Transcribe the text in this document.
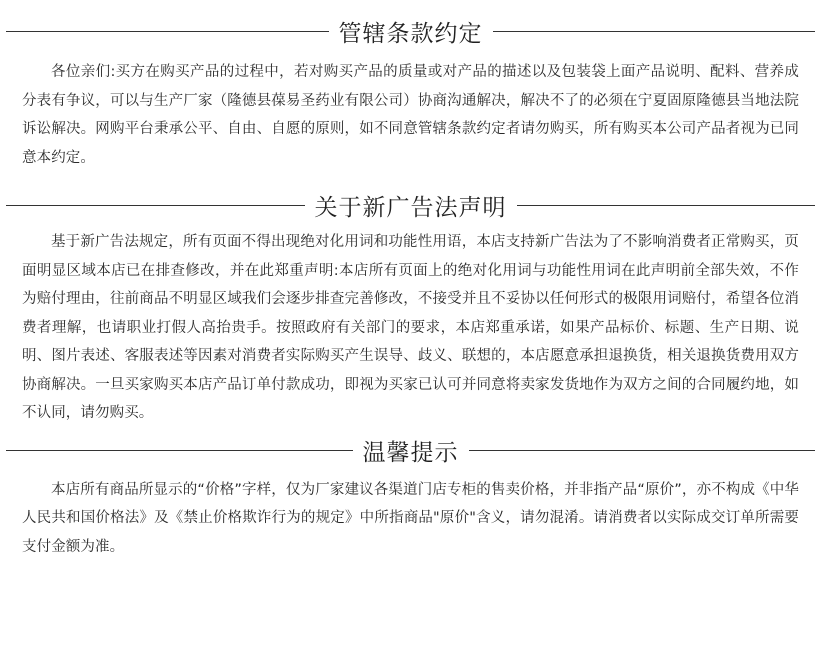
管辖条款约定

各位亲们:买方在购买产品的过程中，若对购买产品的质量或对产品的描述以及包装袋上面产品说明、配料、营养成分表有争议，可以与生产厂家（隆德县葆易圣药业有限公司）协商沟通解决，解决不了的必须在宁夏固原隆德县当地法院诉讼解决。网购平台秉承公平、自由、自愿的原则，如不同意管辖条款约定者请勿购买，所有购买本公司产品者视为已同意本约定。

关于新广告法声明

基于新广告法规定，所有页面不得出现绝对化用词和功能性用语，本店支持新广告法为了不影响消费者正常购买，页面明显区域本店已在排查修改，并在此郑重声明:本店所有页面上的绝对化用词与功能性用词在此声明前全部失效，不作为赔付理由，往前商品不明显区域我们会逐步排查完善修改，不接受并且不妥协以任何形式的极限用词赔付，希望各位消费者理解，也请职业打假人高抬贵手。按照政府有关部门的要求，本店郑重承诺，如果产品标价、标题、生产日期、说明、图片表述、客服表述等因素对消费者实际购买产生误导、歧义、联想的，本店愿意承担退换货，相关退换货费用双方协商解决。一旦买家购买本店产品订单付款成功，即视为买家已认可并同意将卖家发货地作为双方之间的合同履约地，如不认同，请勿购买。

温馨提示

本店所有商品所显示的“价格”字样，仅为厂家建议各渠道门店专柜的售卖价格，并非指产品“原价”，亦不构成《中华人民共和国价格法》及《禁止价格欺诈行为的规定》中所指商品"原价"含义，请勿混淆。请消费者以实际成交订单所需要支付金额为准。
